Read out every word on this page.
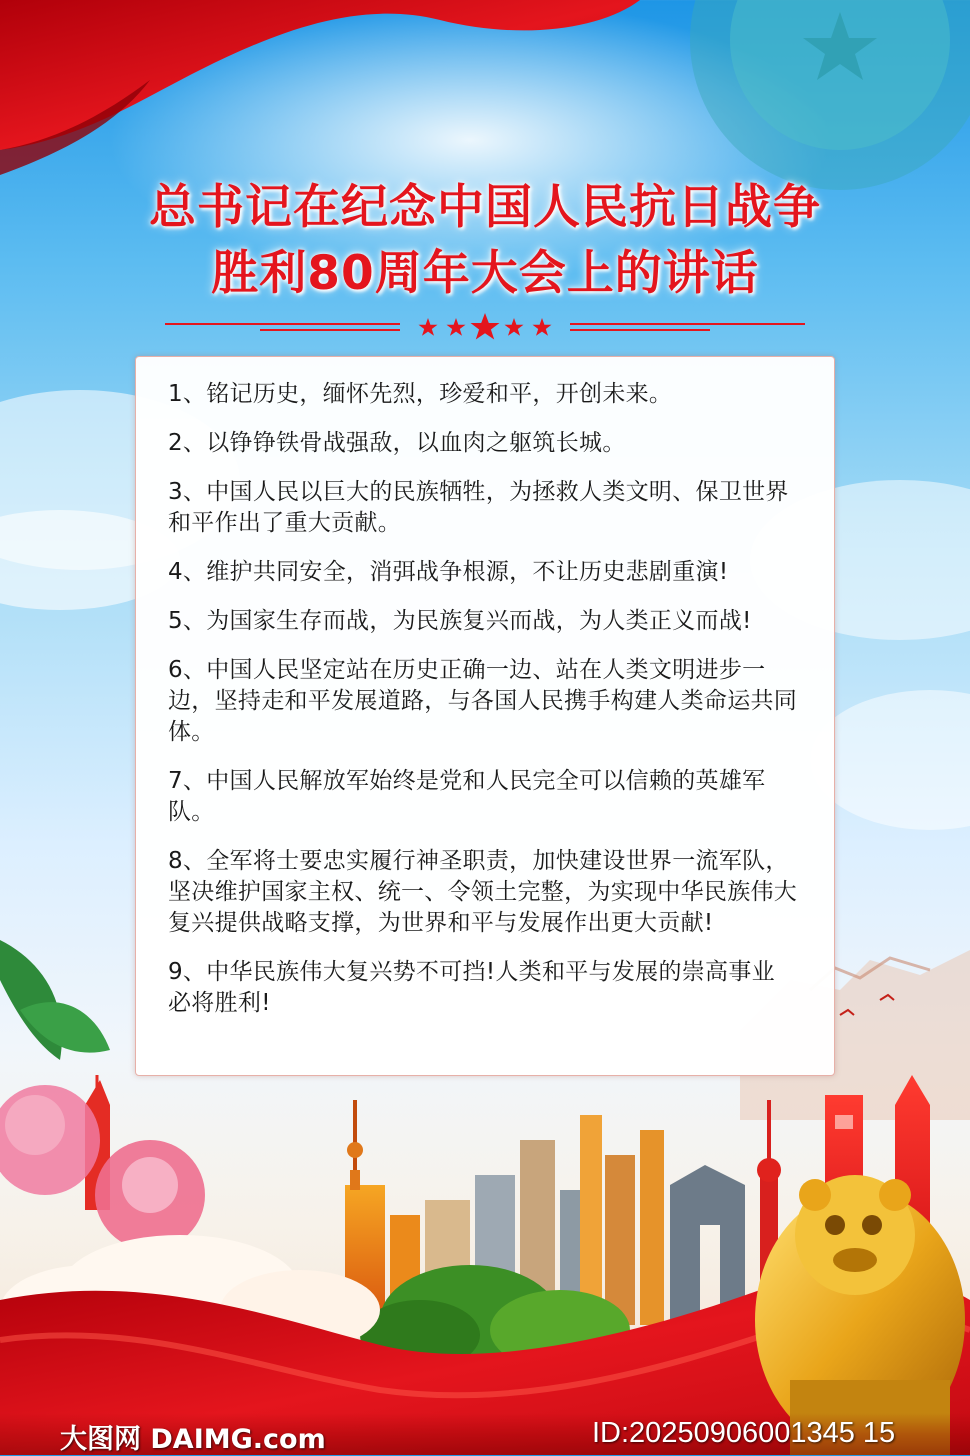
总书记在纪念中国人民抗日战争
胜利80周年大会上的讲话
1、铭记历史，缅怀先烈，珍爱和平，开创未来。
2、以铮铮铁骨战强敌，以血肉之躯筑长城。
3、中国人民以巨大的民族牺牲，为拯救人类文明、保卫世界和平作出了重大贡献。
4、维护共同安全，消弭战争根源，不让历史悲剧重演!
5、为国家生存而战，为民族复兴而战，为人类正义而战!
6、中国人民坚定站在历史正确一边、站在人类文明进步一边，坚持走和平发展道路，与各国人民携手构建人类命运共同体。
7、中国人民解放军始终是党和人民完全可以信赖的英雄军队。
8、全军将士要忠实履行神圣职责，加快建设世界一流军队，坚决维护国家主权、统一、令领土完整，为实现中华民族伟大复兴提供战略支撑，为世界和平与发展作出更大贡献!
9、中华民族伟大复兴势不可挡!人类和平与发展的崇高事业必将胜利!
大图网 DAIMG.com	ID:20250906001345 15
